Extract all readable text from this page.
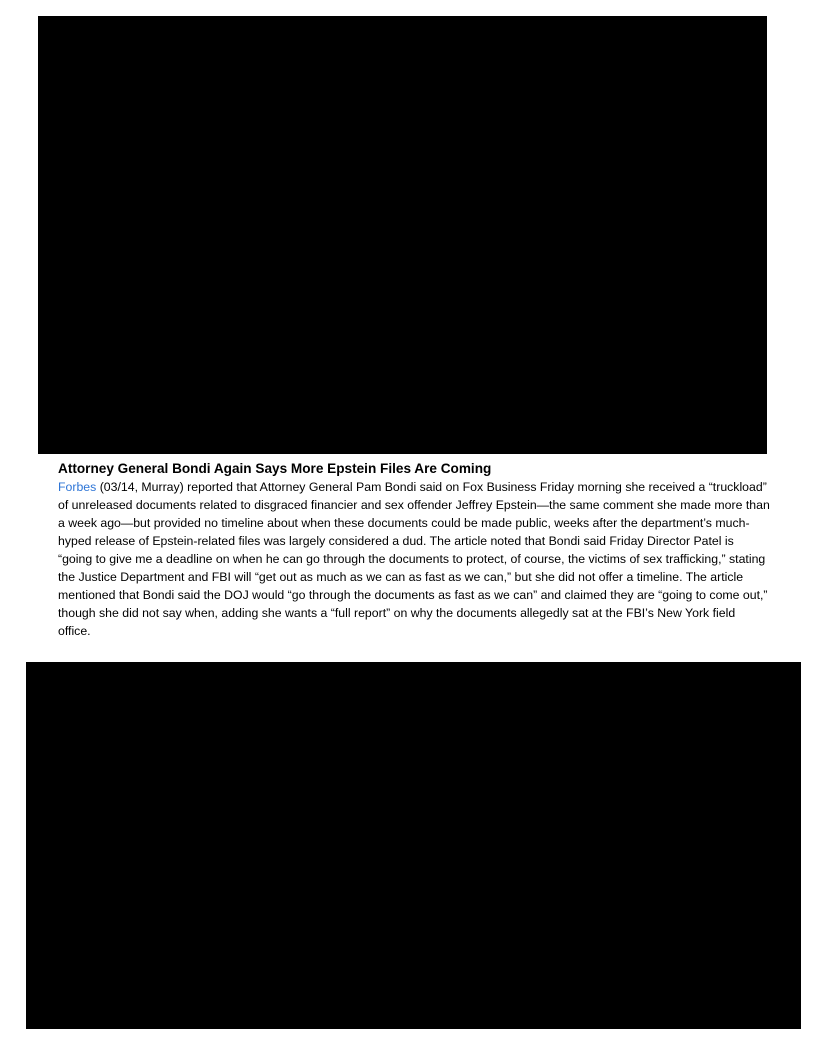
Attorney General Bondi Again Says More Epstein Files Are Coming

Forbes (03/14, Murray) reported that Attorney General Pam Bondi said on Fox Business Friday morning she received a “truckload” of unreleased documents related to disgraced financier and sex offender Jeffrey Epstein—the same comment she made more than a week ago—but provided no timeline about when these documents could be made public, weeks after the department’s much-hyped release of Epstein-related files was largely considered a dud. The article noted that Bondi said Friday Director Patel is “going to give me a deadline on when he can go through the documents to protect, of course, the victims of sex trafficking,” stating the Justice Department and FBI will “get out as much as we can as fast as we can,” but she did not offer a timeline. The article mentioned that Bondi said the DOJ would “go through the documents as fast as we can” and claimed they are “going to come out,” though she did not say when, adding she wants a “full report” on why the documents allegedly sat at the FBI’s New York field office.
